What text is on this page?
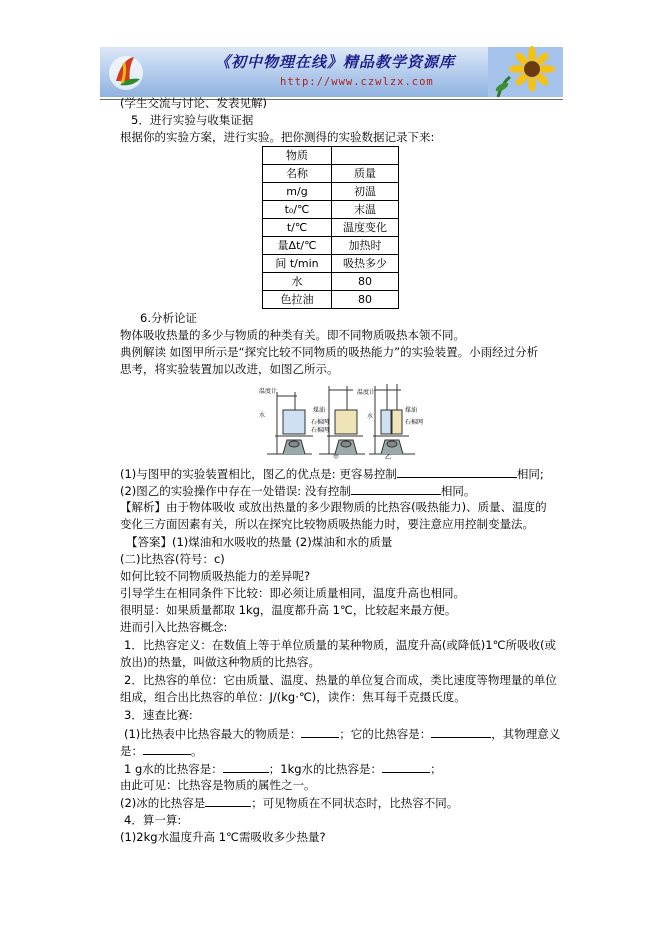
《初中物理在线》精品教学资源库
http://www.czwlzx.com
(学生交流与讨论、发表见解)
5．进行实验与收集证据
根据你的实验方案，进行实验。把你测得的实验数据记录下来:
物质	
名称	质量
m/g	初温
t₀/℃	末温
t/℃	温度变化
量Δt/℃	加热时
间 t/min	吸热多少
水	80
色拉油	80
6.分析论证
物体吸收热量的多少与物质的种类有关。即不同物质吸热本领不同。
典例解读 如图甲所示是“探究比较不同物质的吸热能力”的实验装置。小雨经过分析
思考，将实验装置加以改进，如图乙所示。
温度计
水
煤油
石棉网
石棉网
温度计
煤油
水
石棉网
甲	乙
(1)与图甲的实验装置相比，图乙的优点是: 更容易控制	相同;
(2)图乙的实验操作中存在一处错误: 没有控制	相同。
【解析】由于物体吸收 或放出热量的多少跟物质的比热容(吸热能力)、质量、温度的
变化三方面因素有关，所以在探究比较物质吸热能力时，要注意应用控制变量法。
【答案】(1)煤油和水吸收的热量 (2)煤油和水的质量
(二)比热容(符号：c)
如何比较不同物质吸热能力的差异呢?
引导学生在相同条件下比较：即必须让质量相同，温度升高也相同。
很明显：如果质量都取 1kg，温度都升高 1℃，比较起来最方便。
进而引入比热容概念:
1．比热容定义：在数值上等于单位质量的某种物质，温度升高(或降低)1℃所吸收(或
放出)的热量，叫做这种物质的比热容。
2．比热容的单位：它由质量、温度、热量的单位复合而成，类比速度等物理量的单位
组成，组合出比热容的单位：J/(kg·℃)，读作：焦耳每千克摄氏度。
3．速查比赛:
(1)比热表中比热容最大的物质是：	；它的比热容是：	，其物理意义
是：	。
1 g水的比热容是：	；1kg水的比热容是：	；
由此可见：比热容是物质的属性之一。
(2)冰的比热容是	；可见物质在不同状态时，比热容不同。
4．算一算:
(1)2kg水温度升高 1℃需吸收多少热量?
